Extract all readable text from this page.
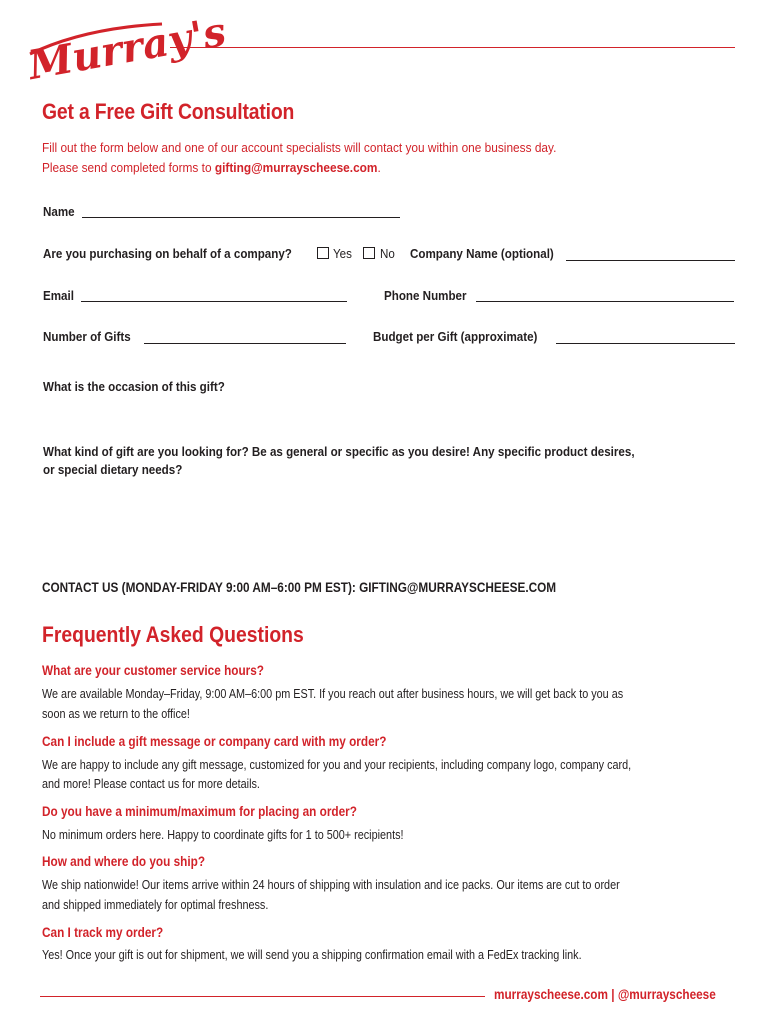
Murray's
Get a Free Gift Consultation
Fill out the form below and one of our account specialists will contact you within one business day.
Please send completed forms to gifting@murrayscheese.com.
Name
Are you purchasing on behalf of a company?	Yes No Company Name (optional)
Email	Phone Number
Number of Gifts	Budget per Gift (approximate)
What is the occasion of this gift?
What kind of gift are you looking for? Be as general or specific as you desire! Any specific product desires,
or special dietary needs?
CONTACT US (MONDAY-FRIDAY 9:00 AM–6:00 PM EST): GIFTING@MURRAYSCHEESE.COM
Frequently Asked Questions
What are your customer service hours?
We are available Monday–Friday, 9:00 AM–6:00 pm EST. If you reach out after business hours, we will get back to you as
soon as we return to the office!
Can I include a gift message or company card with my order?
We are happy to include any gift message, customized for you and your recipients, including company logo, company card,
and more! Please contact us for more details.
Do you have a minimum/maximum for placing an order?
No minimum orders here. Happy to coordinate gifts for 1 to 500+ recipients!
How and where do you ship?
We ship nationwide! Our items arrive within 24 hours of shipping with insulation and ice packs. Our items are cut to order
and shipped immediately for optimal freshness.
Can I track my order?
Yes! Once your gift is out for shipment, we will send you a shipping confirmation email with a FedEx tracking link.
murrayscheese.com | @murrayscheese
